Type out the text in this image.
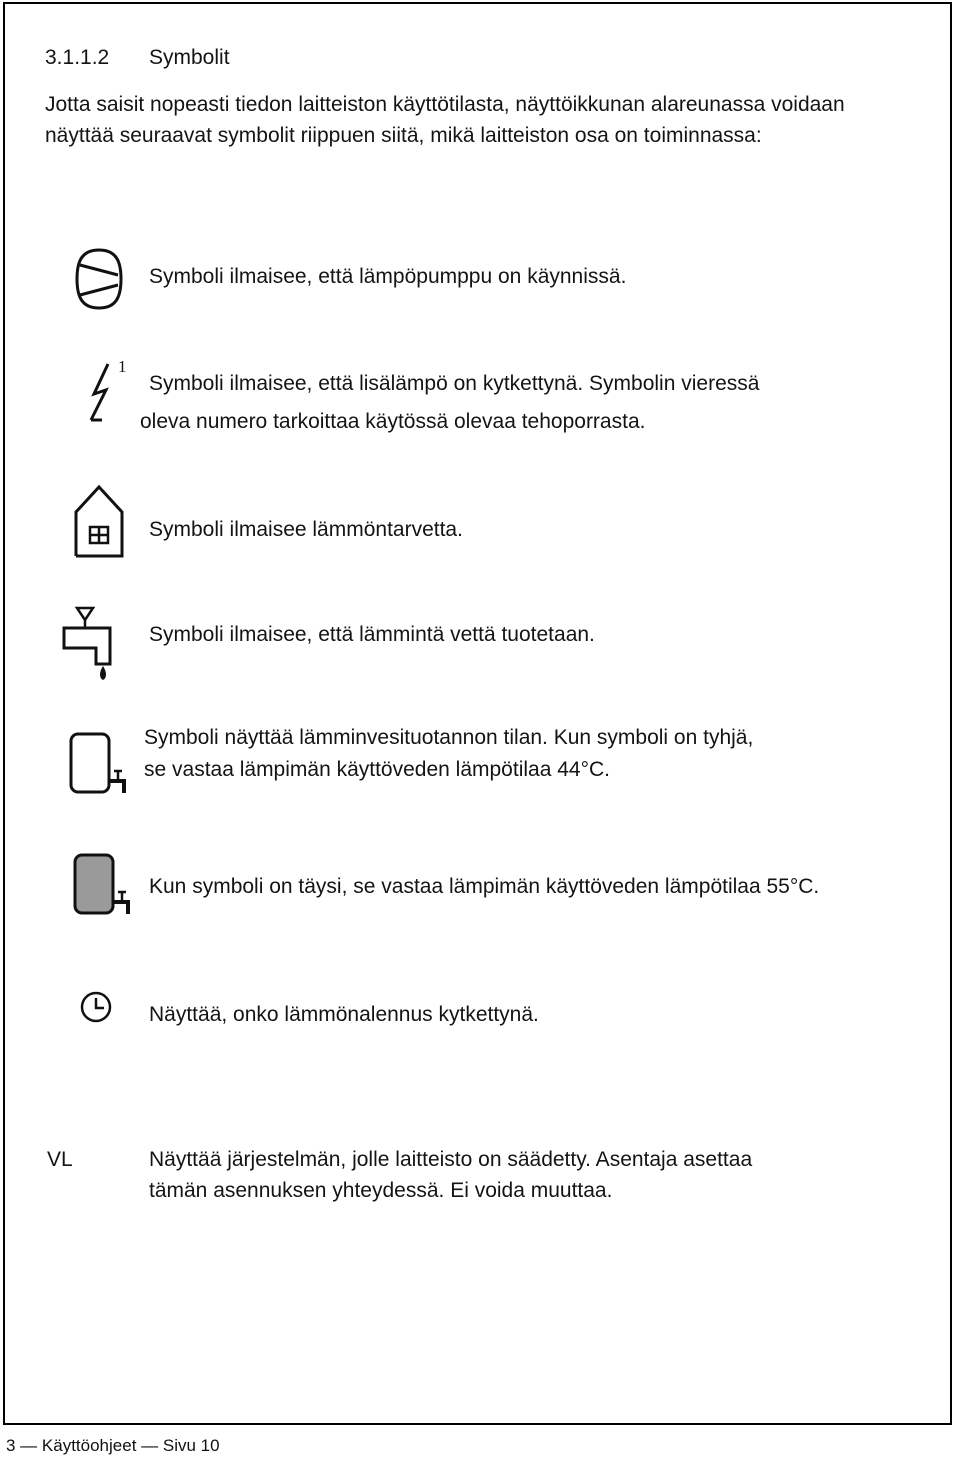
3.1.1.2 Symbolit
Jotta saisit nopeasti tiedon laitteiston käyttötilasta, näyttöikkunan alareunassa voidaan näyttää seuraavat symbolit riippuen siitä, mikä laitteiston osa on toiminnassa:
Symboli ilmaisee, että lämpöpumppu on käynnissä.
1
Symboli ilmaisee, että lisälämpö on kytkettynä. Symbolin vieressä
oleva numero tarkoittaa käytössä olevaa tehoporrasta.
Symboli ilmaisee lämmöntarvetta.
Symboli ilmaisee, että lämmintä vettä tuotetaan.
Symboli näyttää lämminvesituotannon tilan. Kun symboli on tyhjä,
se vastaa lämpimän käyttöveden lämpötilaa 44°C.
Kun symboli on täysi, se vastaa lämpimän käyttöveden lämpötilaa 55°C.
Näyttää, onko lämmönalennus kytkettynä.
VL	Näyttää järjestelmän, jolle laitteisto on säädetty. Asentaja asettaa
tämän asennuksen yhteydessä. Ei voida muuttaa.
3 — Käyttöohjeet — Sivu 10
